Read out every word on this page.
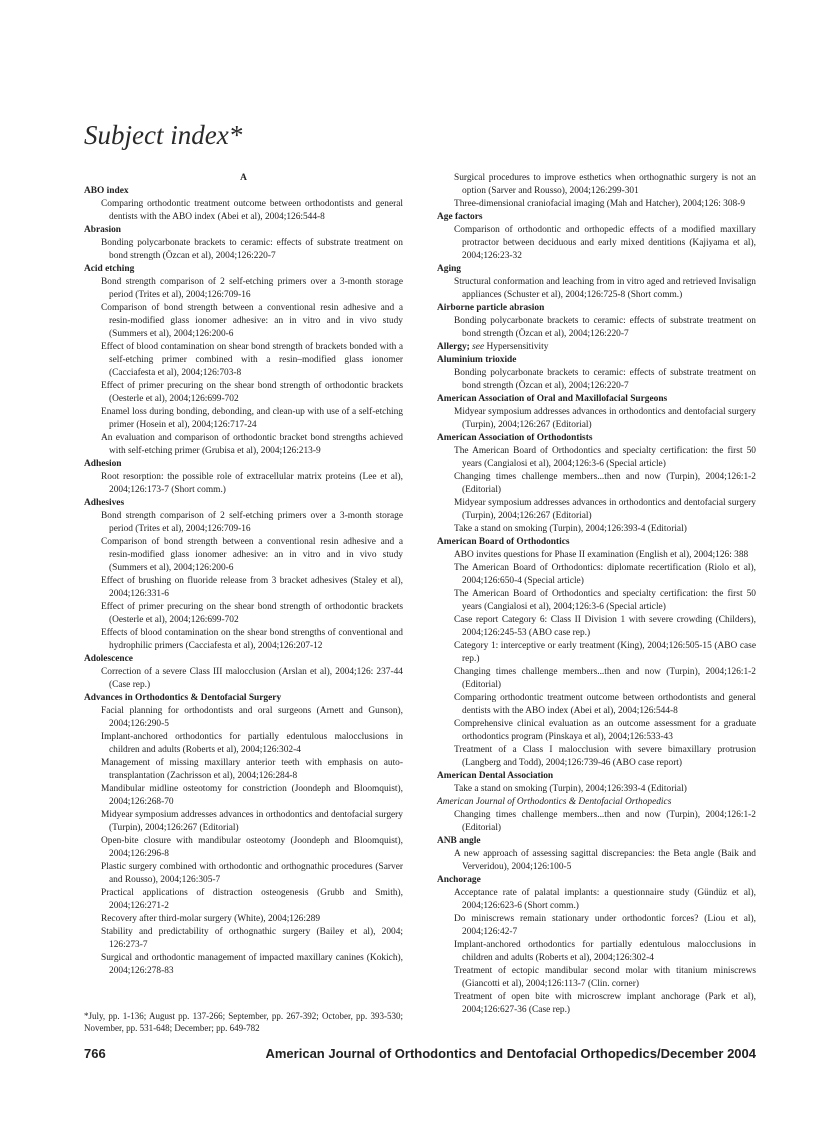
Subject index*
A
ABO index
Comparing orthodontic treatment outcome between orthodontists and general dentists with the ABO index (Abei et al), 2004;126:544-8
Abrasion
Bonding polycarbonate brackets to ceramic: effects of substrate treatment on bond strength (Özcan et al), 2004;126:220-7
Acid etching
Bond strength comparison of 2 self-etching primers over a 3-month storage period (Trites et al), 2004;126:709-16
Comparison of bond strength between a conventional resin adhesive and a resin-modified glass ionomer adhesive: an in vitro and in vivo study (Summers et al), 2004;126:200-6
Effect of blood contamination on shear bond strength of brackets bonded with a self-etching primer combined with a resin–modified glass ionomer (Cacciafesta et al), 2004;126:703-8
Effect of primer precuring on the shear bond strength of orthodontic brackets (Oesterle et al), 2004;126:699-702
Enamel loss during bonding, debonding, and clean-up with use of a self-etching primer (Hosein et al), 2004;126:717-24
An evaluation and comparison of orthodontic bracket bond strengths achieved with self-etching primer (Grubisa et al), 2004;126:213-9
Adhesion
Root resorption: the possible role of extracellular matrix proteins (Lee et al), 2004;126:173-7 (Short comm.)
Adhesives
Bond strength comparison of 2 self-etching primers over a 3-month storage period (Trites et al), 2004;126:709-16
Comparison of bond strength between a conventional resin adhesive and a resin-modified glass ionomer adhesive: an in vitro and in vivo study (Summers et al), 2004;126:200-6
Effect of brushing on fluoride release from 3 bracket adhesives (Staley et al), 2004;126:331-6
Effect of primer precuring on the shear bond strength of orthodontic brackets (Oesterle et al), 2004;126:699-702
Effects of blood contamination on the shear bond strengths of conventional and hydrophilic primers (Cacciafesta et al), 2004;126:207-12
Adolescence
Correction of a severe Class III malocclusion (Arslan et al), 2004;126: 237-44 (Case rep.)
Advances in Orthodontics & Dentofacial Surgery
Facial planning for orthodontists and oral surgeons (Arnett and Gunson), 2004;126:290-5
Implant-anchored orthodontics for partially edentulous malocclusions in children and adults (Roberts et al), 2004;126:302-4
Management of missing maxillary anterior teeth with emphasis on auto-transplantation (Zachrisson et al), 2004;126:284-8
Mandibular midline osteotomy for constriction (Joondeph and Bloomquist), 2004;126:268-70
Midyear symposium addresses advances in orthodontics and dentofacial surgery (Turpin), 2004;126:267 (Editorial)
Open-bite closure with mandibular osteotomy (Joondeph and Bloomquist), 2004;126:296-8
Plastic surgery combined with orthodontic and orthognathic procedures (Sarver and Rousso), 2004;126:305-7
Practical applications of distraction osteogenesis (Grubb and Smith), 2004;126:271-2
Recovery after third-molar surgery (White), 2004;126:289
Stability and predictability of orthognathic surgery (Bailey et al), 2004; 126:273-7
Surgical and orthodontic management of impacted maxillary canines (Kokich), 2004;126:278-83
Surgical procedures to improve esthetics when orthognathic surgery is not an option (Sarver and Rousso), 2004;126:299-301
Three-dimensional craniofacial imaging (Mah and Hatcher), 2004;126: 308-9
Age factors
Comparison of orthodontic and orthopedic effects of a modified maxillary protractor between deciduous and early mixed dentitions (Kajiyama et al), 2004;126:23-32
Aging
Structural conformation and leaching from in vitro aged and retrieved Invisalign appliances (Schuster et al), 2004;126:725-8 (Short comm.)
Airborne particle abrasion
Bonding polycarbonate brackets to ceramic: effects of substrate treatment on bond strength (Özcan et al), 2004;126:220-7
Allergy; see Hypersensitivity
Aluminium trioxide
Bonding polycarbonate brackets to ceramic: effects of substrate treatment on bond strength (Özcan et al), 2004;126:220-7
American Association of Oral and Maxillofacial Surgeons
Midyear symposium addresses advances in orthodontics and dentofacial surgery (Turpin), 2004;126:267 (Editorial)
American Association of Orthodontists
The American Board of Orthodontics and specialty certification: the first 50 years (Cangialosi et al), 2004;126:3-6 (Special article)
Changing times challenge members...then and now (Turpin), 2004;126:1-2 (Editorial)
Midyear symposium addresses advances in orthodontics and dentofacial surgery (Turpin), 2004;126:267 (Editorial)
Take a stand on smoking (Turpin), 2004;126:393-4 (Editorial)
American Board of Orthodontics
ABO invites questions for Phase II examination (English et al), 2004;126: 388
The American Board of Orthodontics: diplomate recertification (Riolo et al), 2004;126:650-4 (Special article)
The American Board of Orthodontics and specialty certification: the first 50 years (Cangialosi et al), 2004;126:3-6 (Special article)
Case report Category 6: Class II Division 1 with severe crowding (Childers), 2004;126:245-53 (ABO case rep.)
Category 1: interceptive or early treatment (King), 2004;126:505-15 (ABO case rep.)
Changing times challenge members...then and now (Turpin), 2004;126:1-2 (Editorial)
Comparing orthodontic treatment outcome between orthodontists and general dentists with the ABO index (Abei et al), 2004;126:544-8
Comprehensive clinical evaluation as an outcome assessment for a graduate orthodontics program (Pinskaya et al), 2004;126:533-43
Treatment of a Class I malocclusion with severe bimaxillary protrusion (Langberg and Todd), 2004;126:739-46 (ABO case report)
American Dental Association
Take a stand on smoking (Turpin), 2004;126:393-4 (Editorial)
American Journal of Orthodontics & Dentofacial Orthopedics
Changing times challenge members...then and now (Turpin), 2004;126:1-2 (Editorial)
ANB angle
A new approach of assessing sagittal discrepancies: the Beta angle (Baik and Ververidou), 2004;126:100-5
Anchorage
Acceptance rate of palatal implants: a questionnaire study (Gündüz et al), 2004;126:623-6 (Short comm.)
Do miniscrews remain stationary under orthodontic forces? (Liou et al), 2004;126:42-7
Implant-anchored orthodontics for partially edentulous malocclusions in children and adults (Roberts et al), 2004;126:302-4
Treatment of ectopic mandibular second molar with titanium miniscrews (Giancotti et al), 2004;126:113-7 (Clin. corner)
Treatment of open bite with microscrew implant anchorage (Park et al), 2004;126:627-36 (Case rep.)
*July, pp. 1-136; August pp. 137-266; September, pp. 267-392; October, pp. 393-530; November, pp. 531-648; December; pp. 649-782
766	American Journal of Orthodontics and Dentofacial Orthopedics/December 2004
